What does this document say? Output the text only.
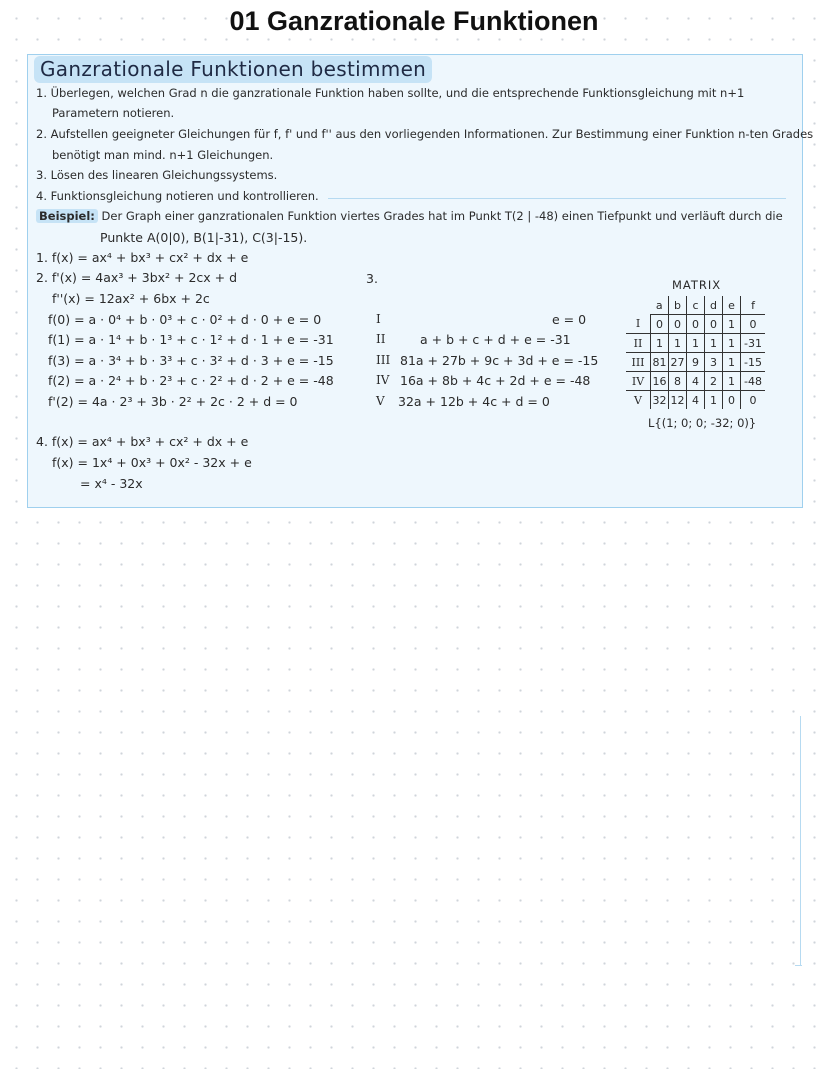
01 Ganzrationale Funktionen
Ganzrationale Funktionen bestimmen
1. Überlegen, welchen Grad n die ganzrationale Funktion haben sollte, und die entsprechende Funktionsgleichung mit n+1
Parametern notieren.
2. Aufstellen geeigneter Gleichungen für f, f' und f'' aus den vorliegenden Informationen. Zur Bestimmung einer Funktion n-ten Grades
benötigt man mind. n+1 Gleichungen.
3. Lösen des linearen Gleichungssystems.
4. Funktionsgleichung notieren und kontrollieren.
Beispiel: Der Graph einer ganzrationalen Funktion viertes Grades hat im Punkt T(2 | -48) einen Tiefpunkt und verläuft durch die
Punkte A(0|0), B(1|-31), C(3|-15).
1. f(x) = ax⁴ + bx³ + cx² + dx + e
2. f'(x) = 4ax³ + 3bx² + 2cx + d
f''(x) = 12ax² + 6bx + 2c
f(0) = a · 0⁴ + b · 0³ + c · 0² + d · 0 + e = 0
f(1) = a · 1⁴ + b · 1³ + c · 1² + d · 1 + e = -31
f(3) = a · 3⁴ + b · 3³ + c · 3² + d · 3 + e = -15
f(2) = a · 2⁴ + b · 2³ + c · 2² + d · 2 + e = -48
f'(2) = 4a · 2³ + 3b · 2² + 2c · 2 + d = 0
3.
I	e = 0
II	a + b + c + d + e = -31
III 81a + 27b + 9c + 3d + e = -15
IV 16a + 8b + 4c + 2d + e = -48
V 32a + 12b + 4c + d = 0
MATRIX
	a	b	c	d	e	f
I	0	0	0	0	1	0
II	1	1	1	1	1	-31
III	81	27	9	3	1	-15
IV	16	8	4	2	1	-48
V	32	12	4	1	0	0
L{(1; 0; 0; -32; 0)}
4. f(x) = ax⁴ + bx³ + cx² + dx + e
f(x) = 1x⁴ + 0x³ + 0x² - 32x + e
= x⁴ - 32x
